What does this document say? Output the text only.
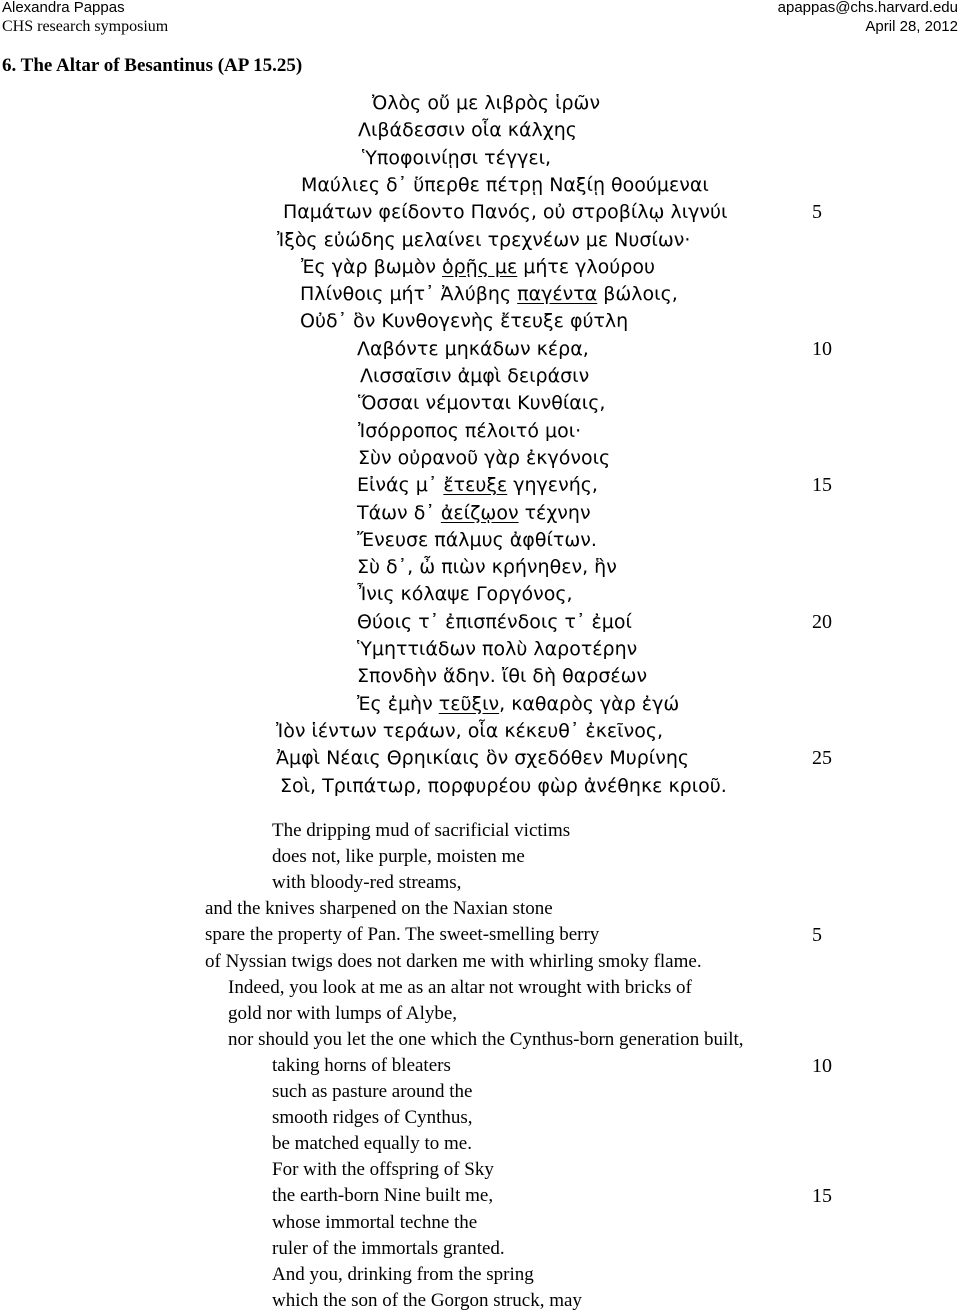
Alexandra Pappas	apappas@chs.harvard.edu
CHS research symposium	April 28, 2012
6. The Altar of Besantinus (AP 15.25)
Ὀλὸς οὔ με λιβρὸς ἱρῶν
Λιβάδεσσιν οἷα κάλχης
Ὑποφοινίῃσι τέγγει,
Μαύλιες δ᾽ ὕπερθε πέτρῃ Ναξίῃ θοούμεναι
Παμάτων φείδοντο Πανός, οὐ στροβίλῳ λιγνύι
Ἰξὸς εὐώδης μελαίνει τρεχνέων με Νυσίων·
Ἐς γὰρ βωμὸν ὁρῇς με μήτε γλούρου
Πλίνθοις μήτ᾽ Ἀλύβης παγέντα βώλοις,
Οὐδ᾽ ὃν Κυνθογενὴς ἔτευξε φύτλη
Λαβόντε μηκάδων κέρα,
Λισσαῖσιν ἀμφὶ δειράσιν
Ὅσσαι νέμονται Κυνθίαις,
Ἰσόρροπος πέλοιτό μοι·
Σὺν οὐρανοῦ γὰρ ἐκγόνοις
Εἰνάς μ᾽ ἔτευξε γηγενής,
Τάων δ᾽ ἀείζῳον τέχνην
Ἔνευσε πάλμυς ἀφθίτων.
Σὺ δ᾽, ὦ πιὼν κρήνηθεν, ἣν
Ἶνις κόλαψε Γοργόνος,
Θύοις τ᾽ ἐπισπένδοις τ᾽ ἐμοί
Ὑμηττιάδων πολὺ λαροτέρην
Σπονδὴν ἅδην. ἴθι δὴ θαρσέων
Ἐς ἐμὴν τεῦξιν, καθαρὸς γὰρ ἐγώ
Ἰὸν ἱέντων τεράων, οἷα κέκευθ᾽ ἐκεῖνος,
Ἀμφὶ Νέαις Θρηικίαις ὃν σχεδόθεν Μυρίνης
Σοὶ, Τριπάτωρ, πορφυρέου φὼρ ἀνέθηκε κριοῦ.
5
10
15
20
25
The dripping mud of sacrificial victims
does not, like purple, moisten me
with bloody-red streams,
and the knives sharpened on the Naxian stone
spare the property of Pan. The sweet-smelling berry
of Nyssian twigs does not darken me with whirling smoky flame.
Indeed, you look at me as an altar not wrought with bricks of
gold nor with lumps of Alybe,
nor should you let the one which the Cynthus-born generation built,
taking horns of bleaters
such as pasture around the
smooth ridges of Cynthus,
be matched equally to me.
For with the offspring of Sky
the earth-born Nine built me,
whose immortal techne the
ruler of the immortals granted.
And you, drinking from the spring
which the son of the Gorgon struck, may
5
10
15
